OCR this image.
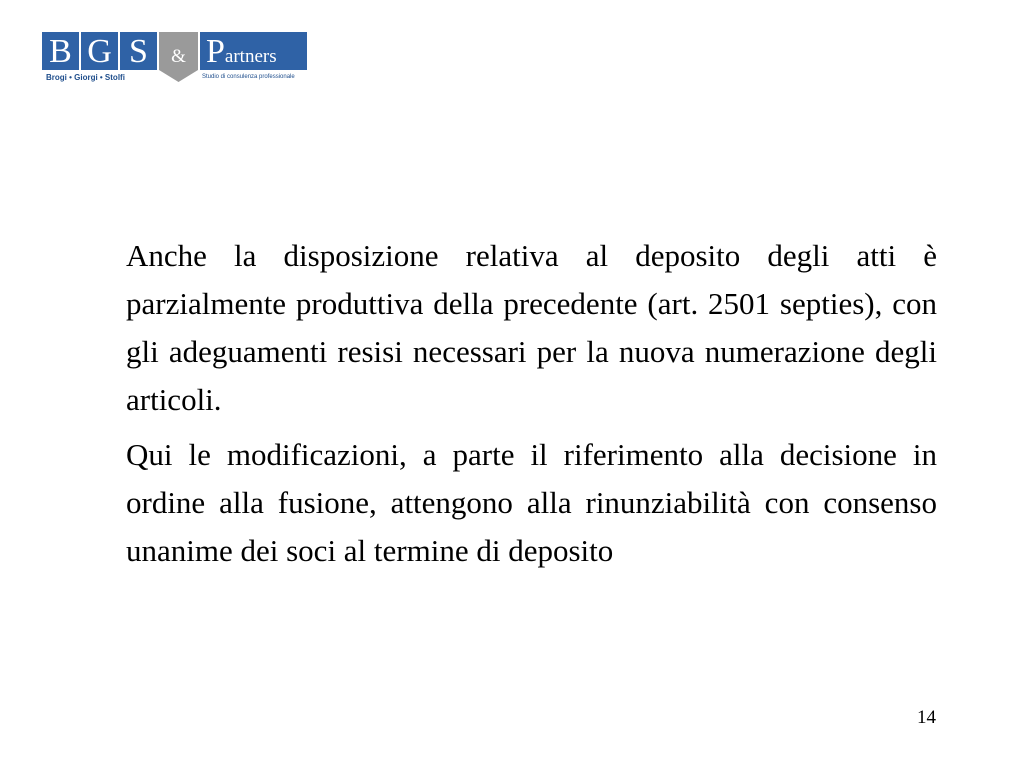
B G S	& Partners
Brogi • Giorgi • Stolfi	Studio di consulenza professionale

Anche la disposizione relativa al deposito degli atti è parzialmente produttiva della precedente (art. 2501 septies), con gli adeguamenti resisi necessari per la nuova numerazione degli articoli.

Qui le modificazioni, a parte il riferimento alla decisione in ordine alla fusione, attengono alla rinunziabilità con consenso unanime dei soci al termine di deposito

14
